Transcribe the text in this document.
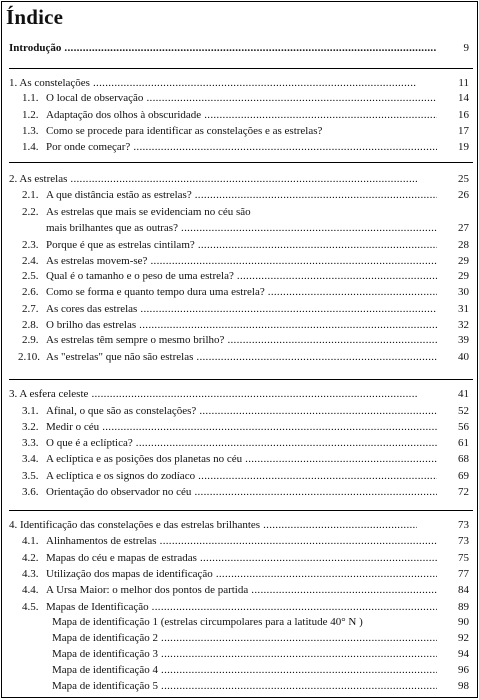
Índice
Introdução .....	9
1. As constelações .....	11
1.1. O local de observação .....	14
1.2. Adaptação dos olhos à obscuridade .....	16
1.3. Como se procede para identificar as constelações e as estrelas?	17
1.4. Por onde começar? .....	19
2. As estrelas .....	25
2.1. A que distância estão as estrelas? .....	26
2.2. As estrelas que mais se evidenciam no céu são
mais brilhantes que as outras? .....	27
2.3. Porque é que as estrelas cintilam? .....	28
2.4. As estrelas movem-se? .....	29
2.5. Qual é o tamanho e o peso de uma estrela? .....	29
2.6. Como se forma e quanto tempo dura uma estrela? .....	30
2.7. As cores das estrelas .....	31
2.8. O brilho das estrelas .....	32
2.9. As estrelas têm sempre o mesmo brilho? .....	39
2.10. As "estrelas" que não são estrelas .....	40
3. A esfera celeste .....	41
3.1. Afinal, o que são as constelações? .....	52
3.2. Medir o céu .....	56
3.3. O que é a eclíptica? .....	61
3.4. A eclíptica e as posições dos planetas no céu .....	68
3.5. A eclíptica e os signos do zodíaco .....	69
3.6. Orientação do observador no céu .....	72
4. Identificação das constelações e das estrelas brilhantes .....	73
4.1. Alinhamentos de estrelas .....	73
4.2. Mapas do céu e mapas de estradas .....	75
4.3. Utilização dos mapas de identificação .....	77
4.4. A Ursa Maior: o melhor dos pontos de partida .....	84
4.5. Mapas de Identificação .....	89
Mapa de identificação 1 (estrelas circumpolares para a latitude 40° N )	90
Mapa de identificação 2 .....	92
Mapa de identificação 3 .....	94
Mapa de identificação 4 .....	96
Mapa de identificação 5 .....	98
